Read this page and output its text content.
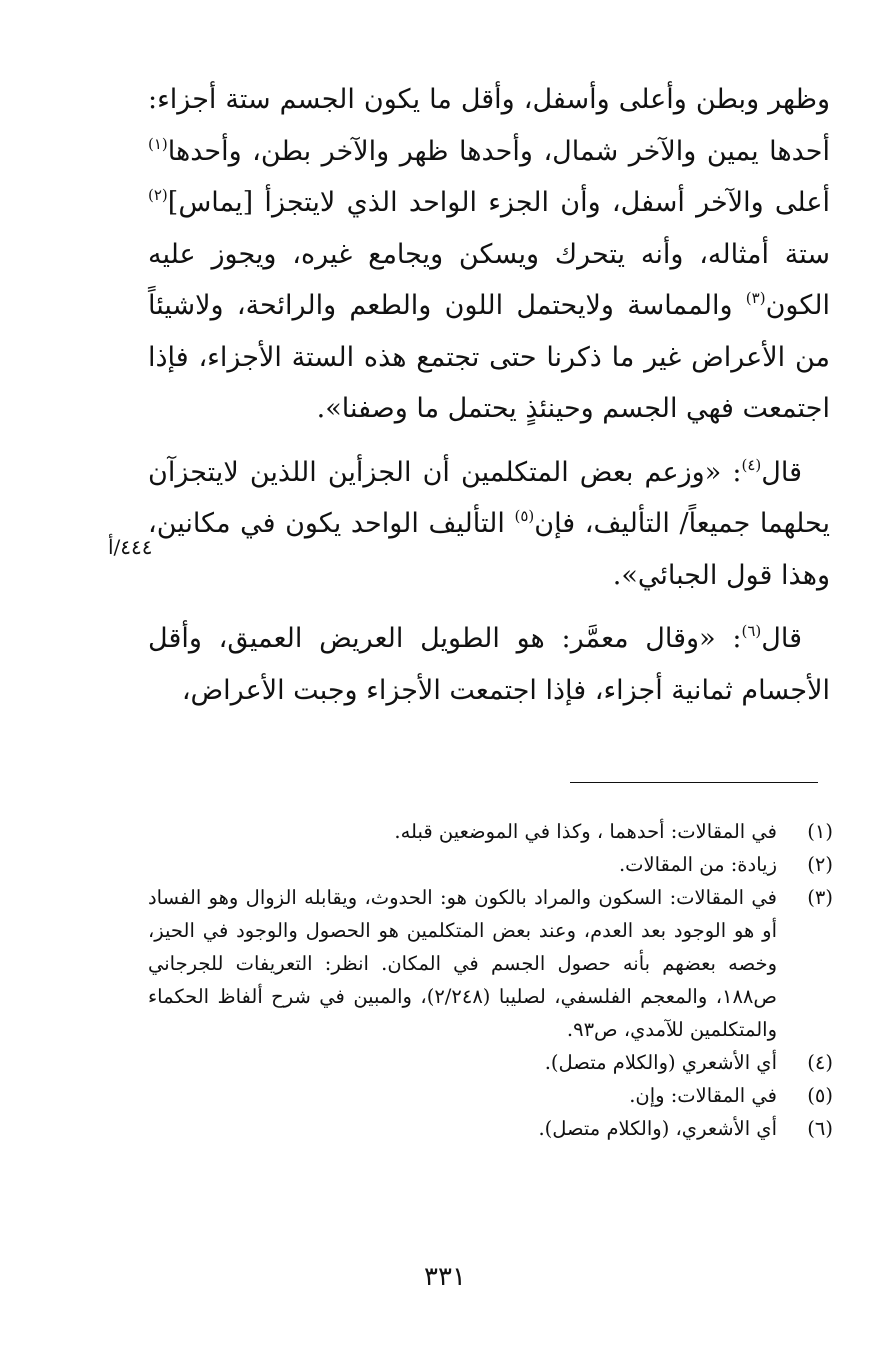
وظهر وبطن وأعلى وأسفل، وأقل ما يكون الجسم ستة أجزاء: أحدها يمين والآخر شمال، وأحدها ظهر والآخر بطن، وأحدها$^{(١)}$ أعلى والآخر أسفل، وأن الجزء الواحد الذي لايتجزأ [يماس]$^{(٢)}$ ستة أمثاله، وأنه يتحرك ويسكن ويجامع غيره، ويجوز عليه الكون$^{(٣)}$ والمماسة ولايحتمل اللون والطعم والرائحة، ولاشيئاً من الأعراض غير ما ذكرنا حتى تجتمع هذه الستة الأجزاء، فإذا اجتمعت فهي الجسم وحينئذٍ يحتمل ما وصفنا».

قال$^{(٤)}$: «وزعم بعض المتكلمين أن الجزأين اللذين لايتجزآن يحلهما جميعاً/ التأليف، فإن$^{(٥)}$ التأليف الواحد يكون في مكانين، وهذا قول الجبائي».

قال$^{(٦)}$: «وقال معمَّر: هو الطويل العريض العميق، وأقل الأجسام ثمانية أجزاء، فإذا اجتمعت الأجزاء وجبت الأعراض،

٤٤٤/أ
(١)
في المقالات: أحدهما ، وكذا في الموضعين قبله.
(٢)
زيادة: من المقالات.
(٣)
في المقالات: السكون والمراد بالكون هو: الحدوث، ويقابله الزوال وهو الفساد أو هو الوجود بعد العدم، وعند بعض المتكلمين هو الحصول والوجود في الحيز، وخصه بعضهم بأنه حصول الجسم في المكان. انظر: التعريفات للجرجاني ص١٨٨، والمعجم الفلسفي، لصليبا (٢/٢٤٨)، والمبين في شرح ألفاظ الحكماء والمتكلمين للآمدي، ص٩٣.
(٤)
أي الأشعري (والكلام متصل).
(٥)
في المقالات: وإن.
(٦)
أي الأشعري، (والكلام متصل).
٣٣١
